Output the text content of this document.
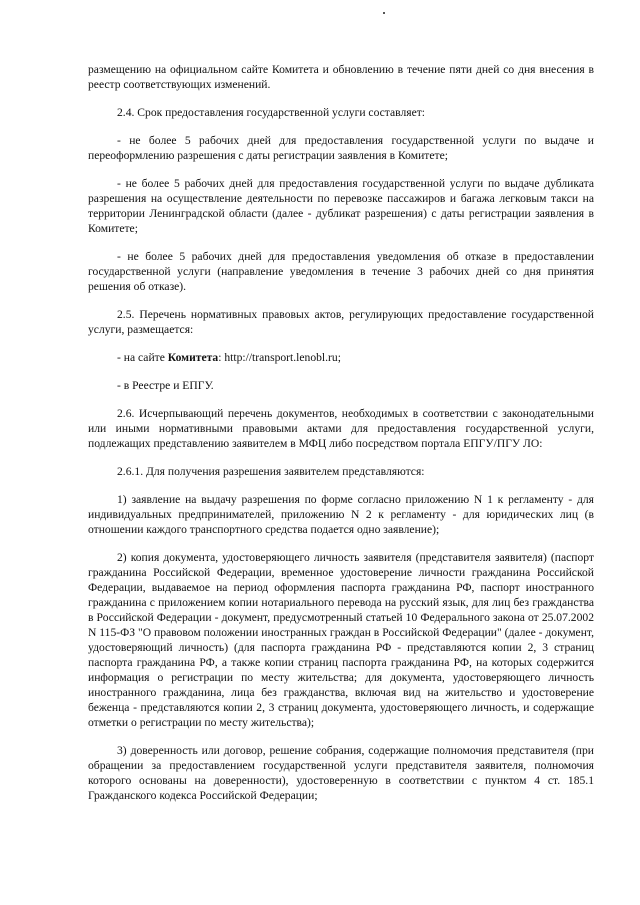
размещению на официальном сайте Комитета и обновлению в течение пяти дней со дня внесения в реестр соответствующих изменений.

2.4. Срок предоставления государственной услуги составляет:

- не более 5 рабочих дней для предоставления государственной услуги по выдаче и переоформлению разрешения с даты регистрации заявления в Комитете;

- не более 5 рабочих дней для предоставления государственной услуги по выдаче дубликата разрешения на осуществление деятельности по перевозке пассажиров и багажа легковым такси на территории Ленинградской области (далее - дубликат разрешения) с даты регистрации заявления в Комитете;

- не более 5 рабочих дней для предоставления уведомления об отказе в предоставлении государственной услуги (направление уведомления в течение 3 рабочих дней со дня принятия решения об отказе).

2.5. Перечень нормативных правовых актов, регулирующих предоставление государственной услуги, размещается:

- на сайте Комитета: http://transport.lenobl.ru;

- в Реестре и ЕПГУ.

2.6. Исчерпывающий перечень документов, необходимых в соответствии с законодательными или иными нормативными правовыми актами для предоставления государственной услуги, подлежащих представлению заявителем в МФЦ либо посредством портала ЕПГУ/ПГУ ЛО:

2.6.1. Для получения разрешения заявителем представляются:

1) заявление на выдачу разрешения по форме согласно приложению N 1 к регламенту - для индивидуальных предпринимателей, приложению N 2 к регламенту - для юридических лиц (в отношении каждого транспортного средства подается одно заявление);

2) копия документа, удостоверяющего личность заявителя (представителя заявителя) (паспорт гражданина Российской Федерации, временное удостоверение личности гражданина Российской Федерации, выдаваемое на период оформления паспорта гражданина РФ, паспорт иностранного гражданина с приложением копии нотариального перевода на русский язык, для лиц без гражданства в Российской Федерации - документ, предусмотренный статьей 10 Федерального закона от 25.07.2002 N 115-ФЗ "О правовом положении иностранных граждан в Российской Федерации" (далее - документ, удостоверяющий личность) (для паспорта гражданина РФ - представляются копии 2, 3 страниц паспорта гражданина РФ, а также копии страниц паспорта гражданина РФ, на которых содержится информация о регистрации по месту жительства; для документа, удостоверяющего личность иностранного гражданина, лица без гражданства, включая вид на жительство и удостоверение беженца - представляются копии 2, 3 страниц документа, удостоверяющего личность, и содержащие отметки о регистрации по месту жительства);

3) доверенность или договор, решение собрания, содержащие полномочия представителя (при обращении за предоставлением государственной услуги представителя заявителя, полномочия которого основаны на доверенности), удостоверенную в соответствии с пунктом 4 ст. 185.1 Гражданского кодекса Российской Федерации;
